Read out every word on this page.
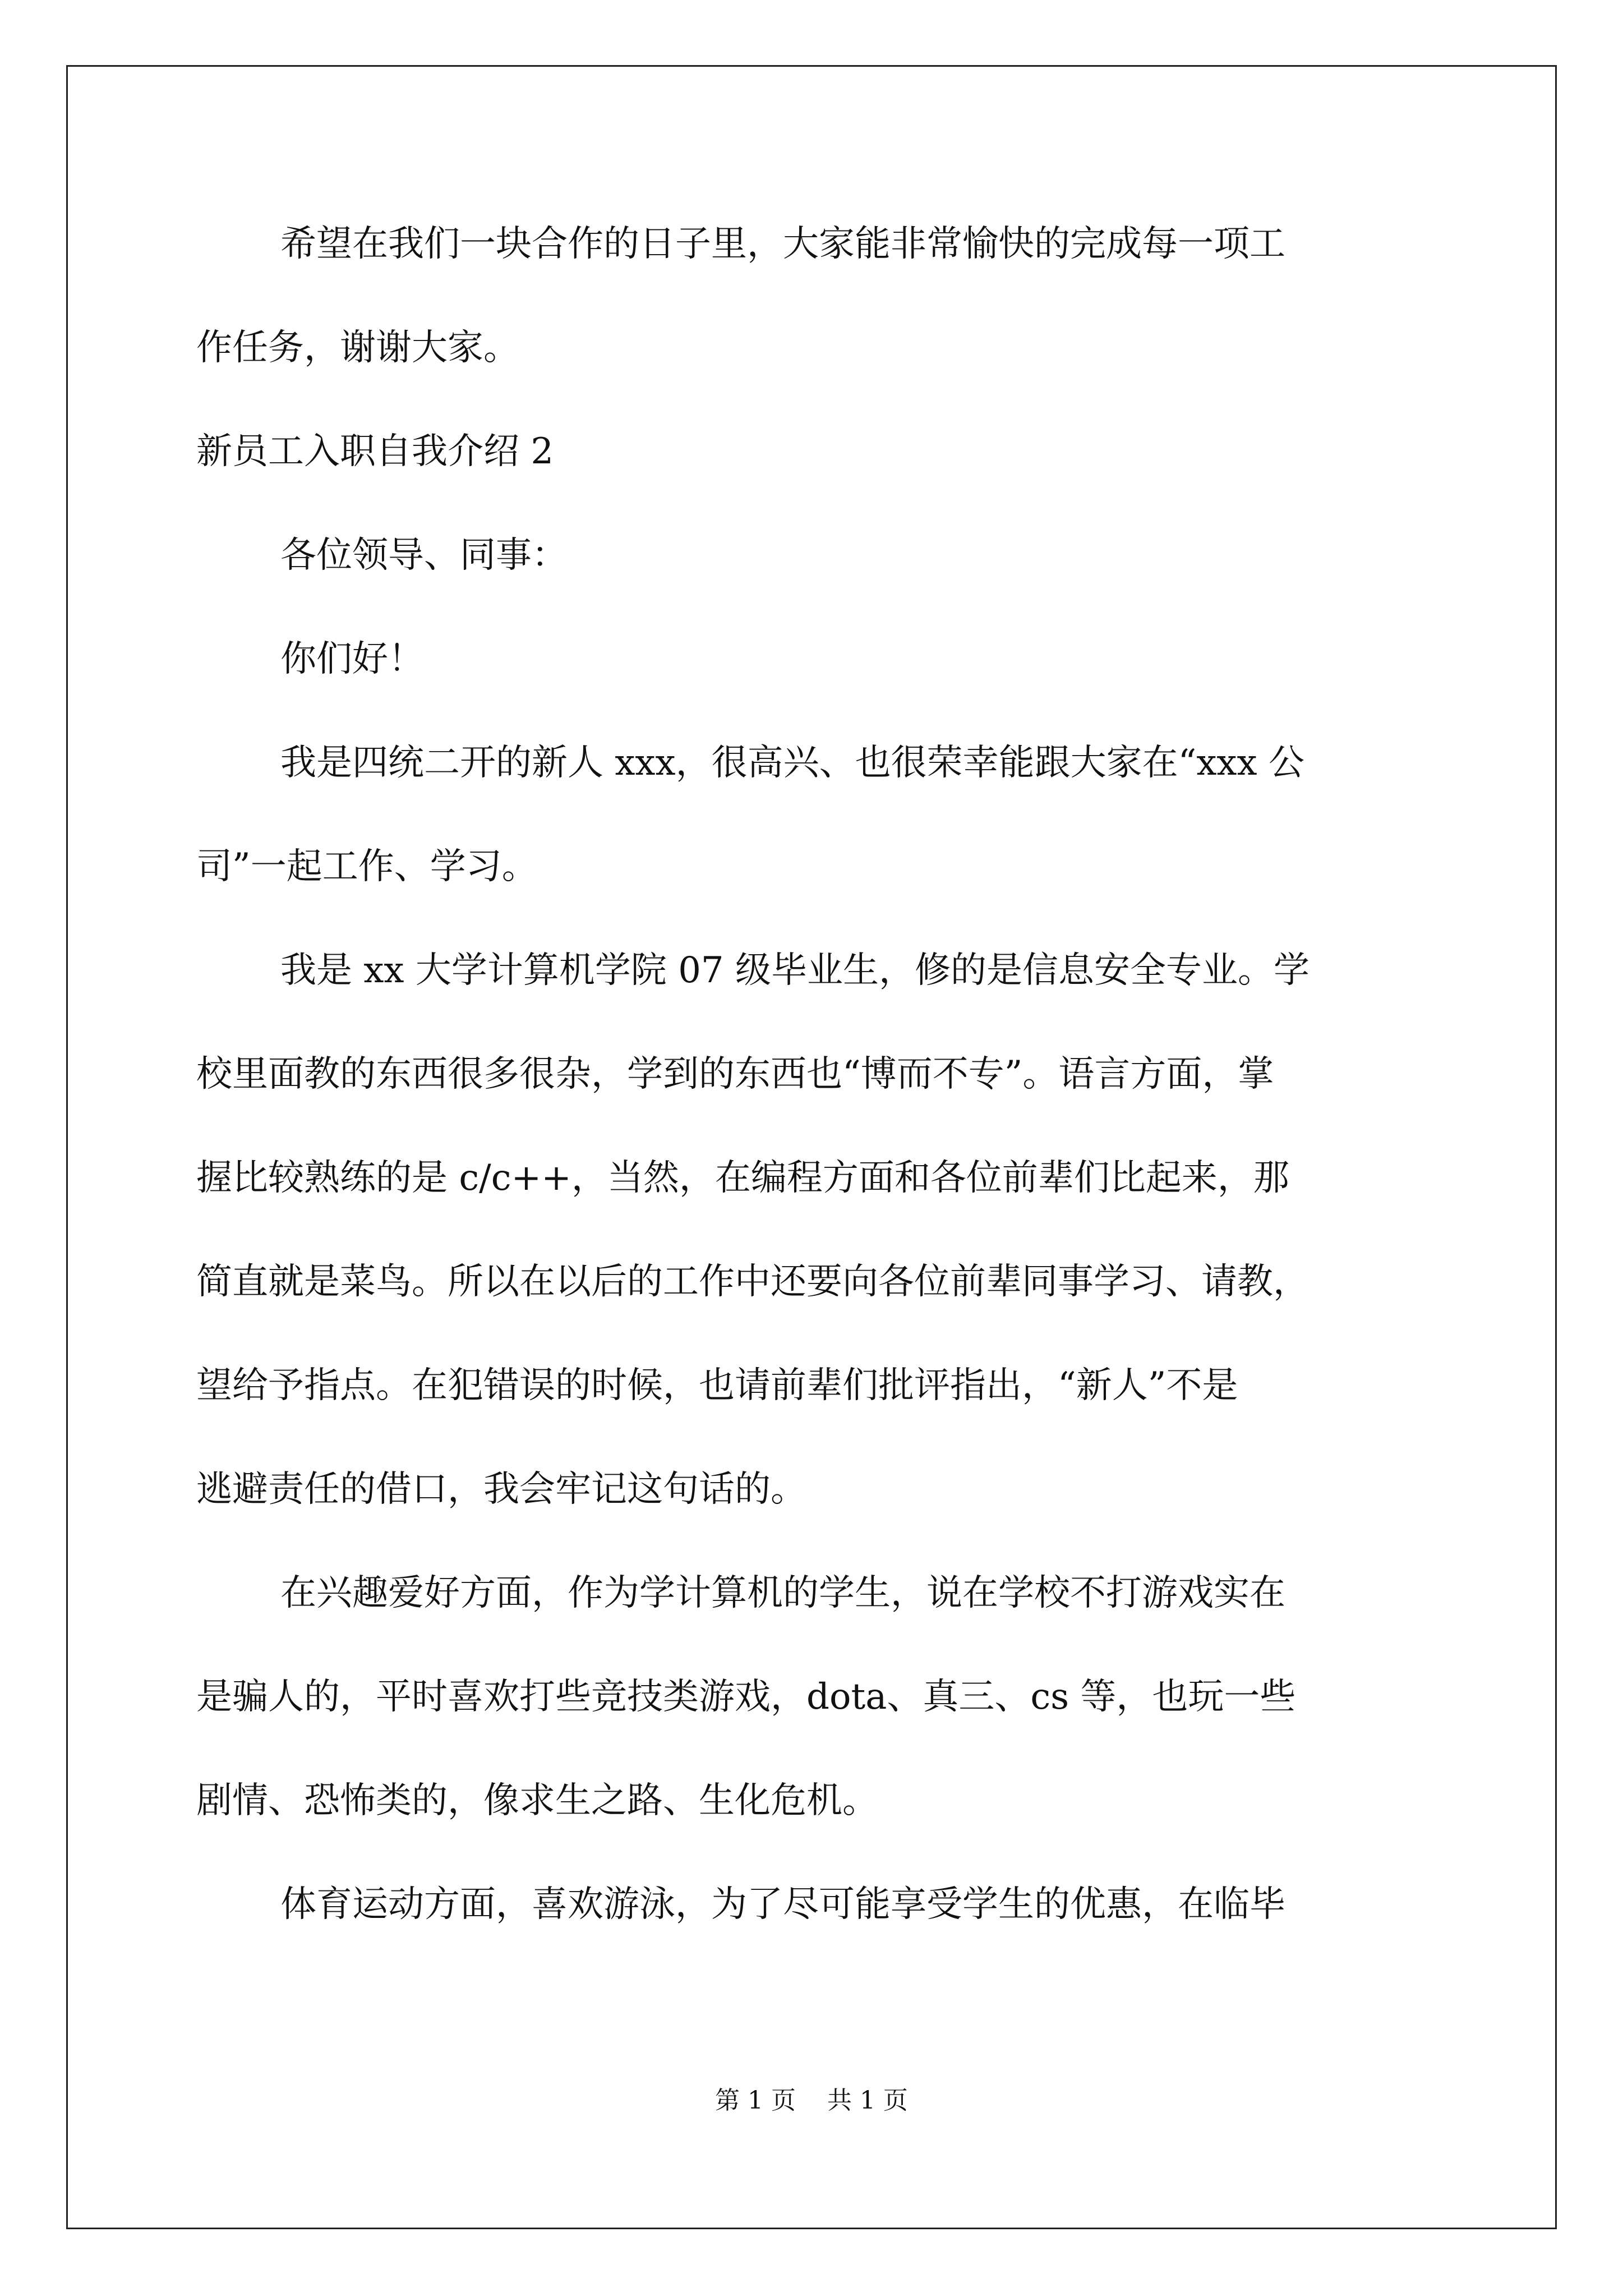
希望在我们一块合作的日子里，大家能非常愉快的完成每一项工
作任务，谢谢大家。
新员工入职自我介绍 2
各位领导、同事：
你们好！
我是四统二开的新人 xxx，很高兴、也很荣幸能跟大家在“xxx 公
司”一起工作、学习。
我是 xx 大学计算机学院 07 级毕业生，修的是信息安全专业。学
校里面教的东西很多很杂，学到的东西也“博而不专”。语言方面，掌
握比较熟练的是 c/c++，当然，在编程方面和各位前辈们比起来，那
简直就是菜鸟。所以在以后的工作中还要向各位前辈同事学习、请教，
望给予指点。在犯错误的时候，也请前辈们批评指出，“新人”不是
逃避责任的借口，我会牢记这句话的。
在兴趣爱好方面，作为学计算机的学生，说在学校不打游戏实在
是骗人的，平时喜欢打些竞技类游戏，dota、真三、cs 等，也玩一些
剧情、恐怖类的，像求生之路、生化危机。
体育运动方面，喜欢游泳，为了尽可能享受学生的优惠，在临毕
第 1 页    共 1 页
